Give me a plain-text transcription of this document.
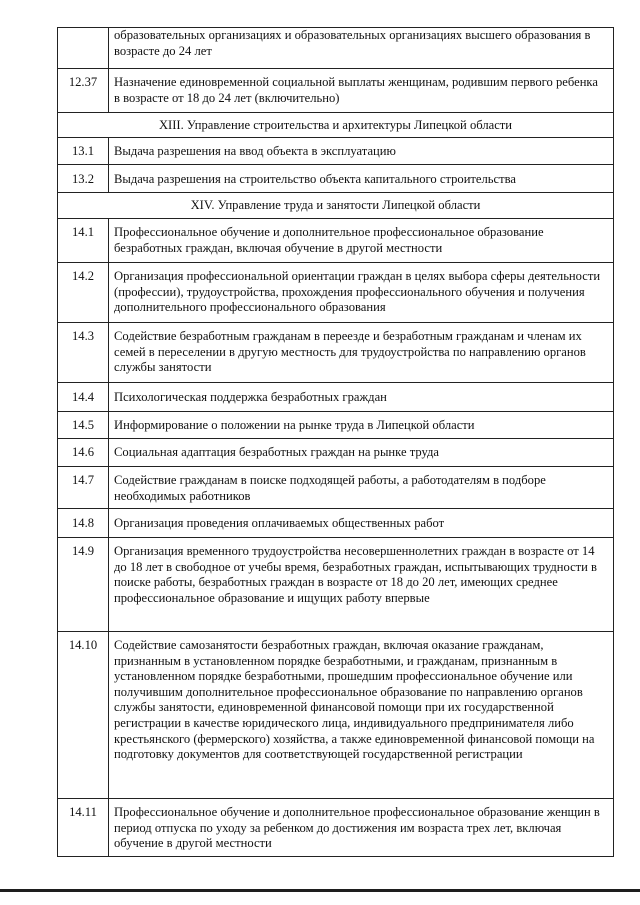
	образовательных организациях и образовательных организациях высшего образования в возрасте до 24 лет
12.37	Назначение единовременной социальной выплаты женщинам, родившим первого ребенка в возрасте от 18 до 24 лет (включительно)
XIII. Управление строительства и архитектуры Липецкой области	
13.1	Выдача разрешения на ввод объекта в эксплуатацию
13.2	Выдача разрешения на строительство объекта капитального строительства
XIV. Управление труда и занятости Липецкой области	
14.1	Профессиональное обучение и дополнительное профессиональное образование безработных граждан, включая обучение в другой местности
14.2	Организация профессиональной ориентации граждан в целях выбора сферы деятельности (профессии), трудоустройства, прохождения профессионального обучения и получения дополнительного профессионального образования
14.3	Содействие безработным гражданам в переезде и безработным гражданам и членам их семей в переселении в другую местность для трудоустройства по направлению органов службы занятости
14.4	Психологическая поддержка безработных граждан
14.5	Информирование о положении на рынке труда в Липецкой области
14.6	Социальная адаптация безработных граждан на рынке труда
14.7	Содействие гражданам в поиске подходящей работы, а работодателям в подборе необходимых работников
14.8	Организация проведения оплачиваемых общественных работ
14.9	Организация временного трудоустройства несовершеннолетних граждан в возрасте от 14 до 18 лет в свободное от учебы время, безработных граждан, испытывающих трудности в поиске работы, безработных граждан в возрасте от 18 до 20 лет, имеющих среднее профессиональное образование и ищущих работу впервые
14.10	Содействие самозанятости безработных граждан, включая оказание гражданам, признанным в установленном порядке безработными, и гражданам, признанным в установленном порядке безработными, прошедшим профессиональное обучение или получившим дополнительное профессиональное образование по направлению органов службы занятости, единовременной финансовой помощи при их государственной регистрации в качестве юридического лица, индивидуального предпринимателя либо крестьянского (фермерского) хозяйства, а также единовременной финансовой помощи на подготовку документов для соответствующей государственной регистрации
14.11	Профессиональное обучение и дополнительное профессиональное образование женщин в период отпуска по уходу за ребенком до достижения им возраста трех лет, включая обучение в другой местности
